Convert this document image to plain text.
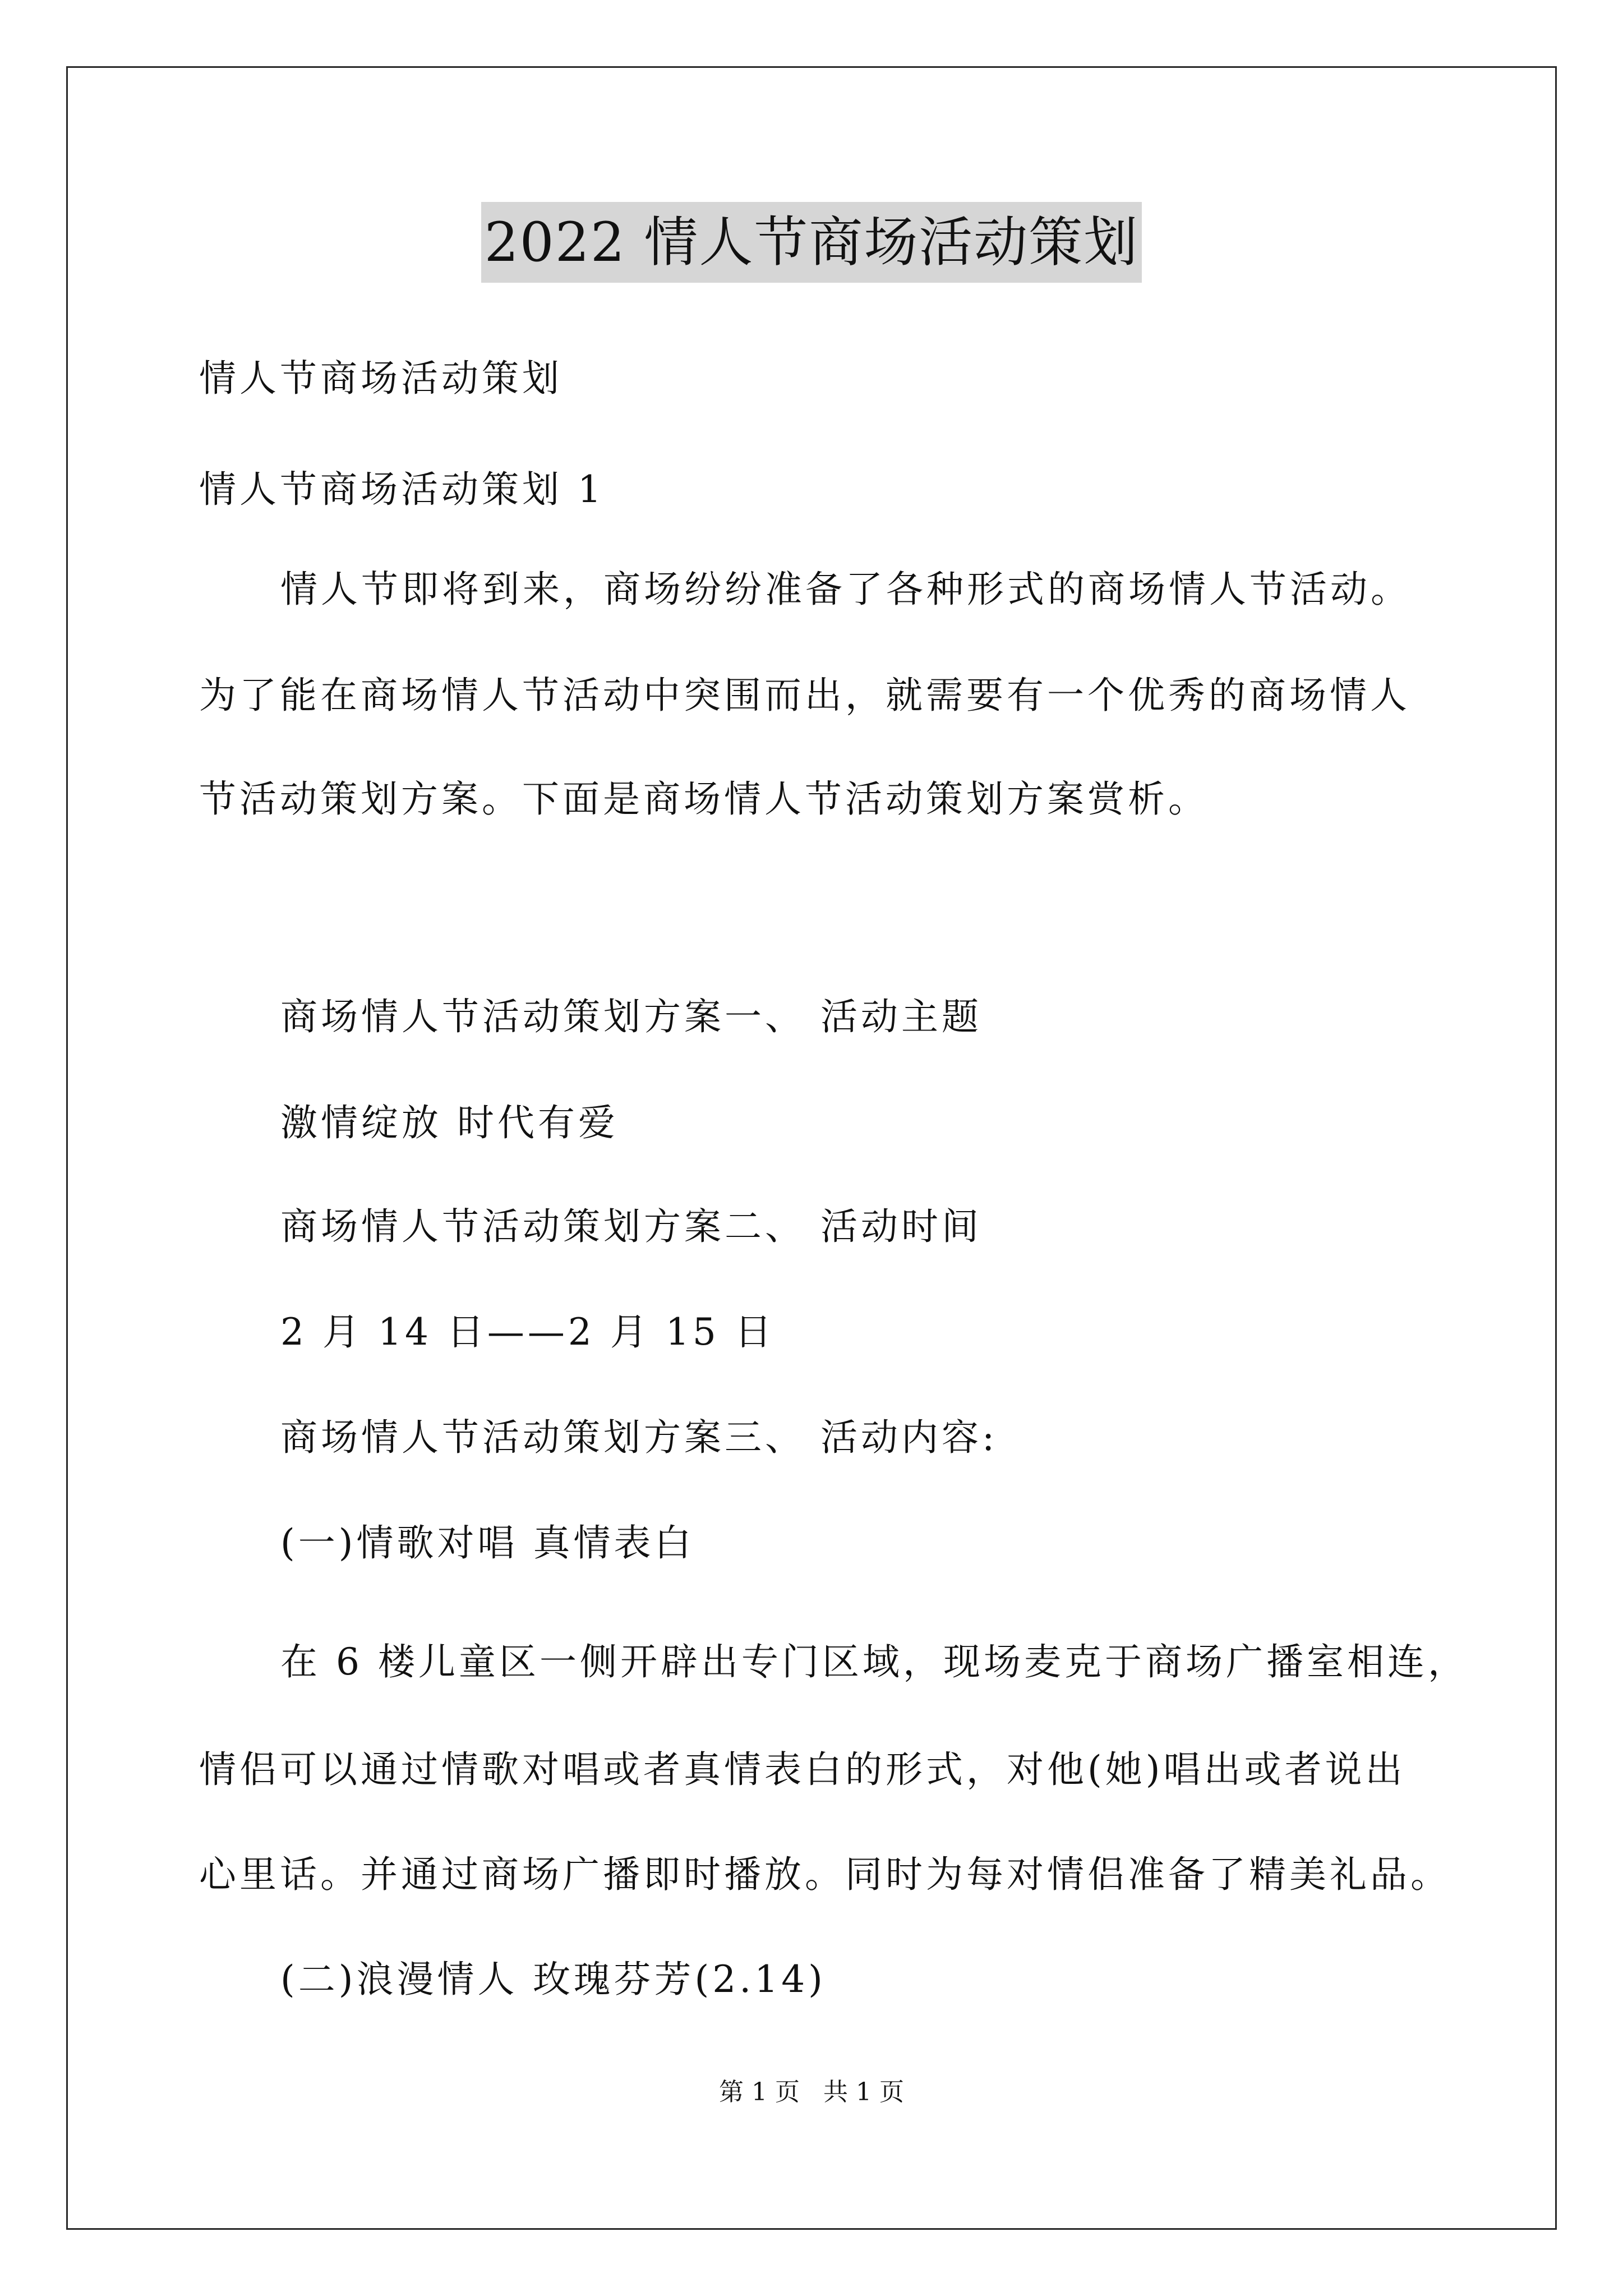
2022 情人节商场活动策划
情人节商场活动策划
情人节商场活动策划 1
情人节即将到来，商场纷纷准备了各种形式的商场情人节活动。
为了能在商场情人节活动中突围而出，就需要有一个优秀的商场情人
节活动策划方案。下面是商场情人节活动策划方案赏析。
商场情人节活动策划方案一、 活动主题
激情绽放 时代有爱
商场情人节活动策划方案二、 活动时间
2 月 14 日——2 月 15 日
商场情人节活动策划方案三、 活动内容:
(一)情歌对唱 真情表白
在 6 楼儿童区一侧开辟出专门区域，现场麦克于商场广播室相连，
情侣可以通过情歌对唱或者真情表白的形式，对他(她)唱出或者说出
心里话。并通过商场广播即时播放。同时为每对情侣准备了精美礼品。
(二)浪漫情人 玫瑰芬芳(2.14)
第 1 页 共 1 页
